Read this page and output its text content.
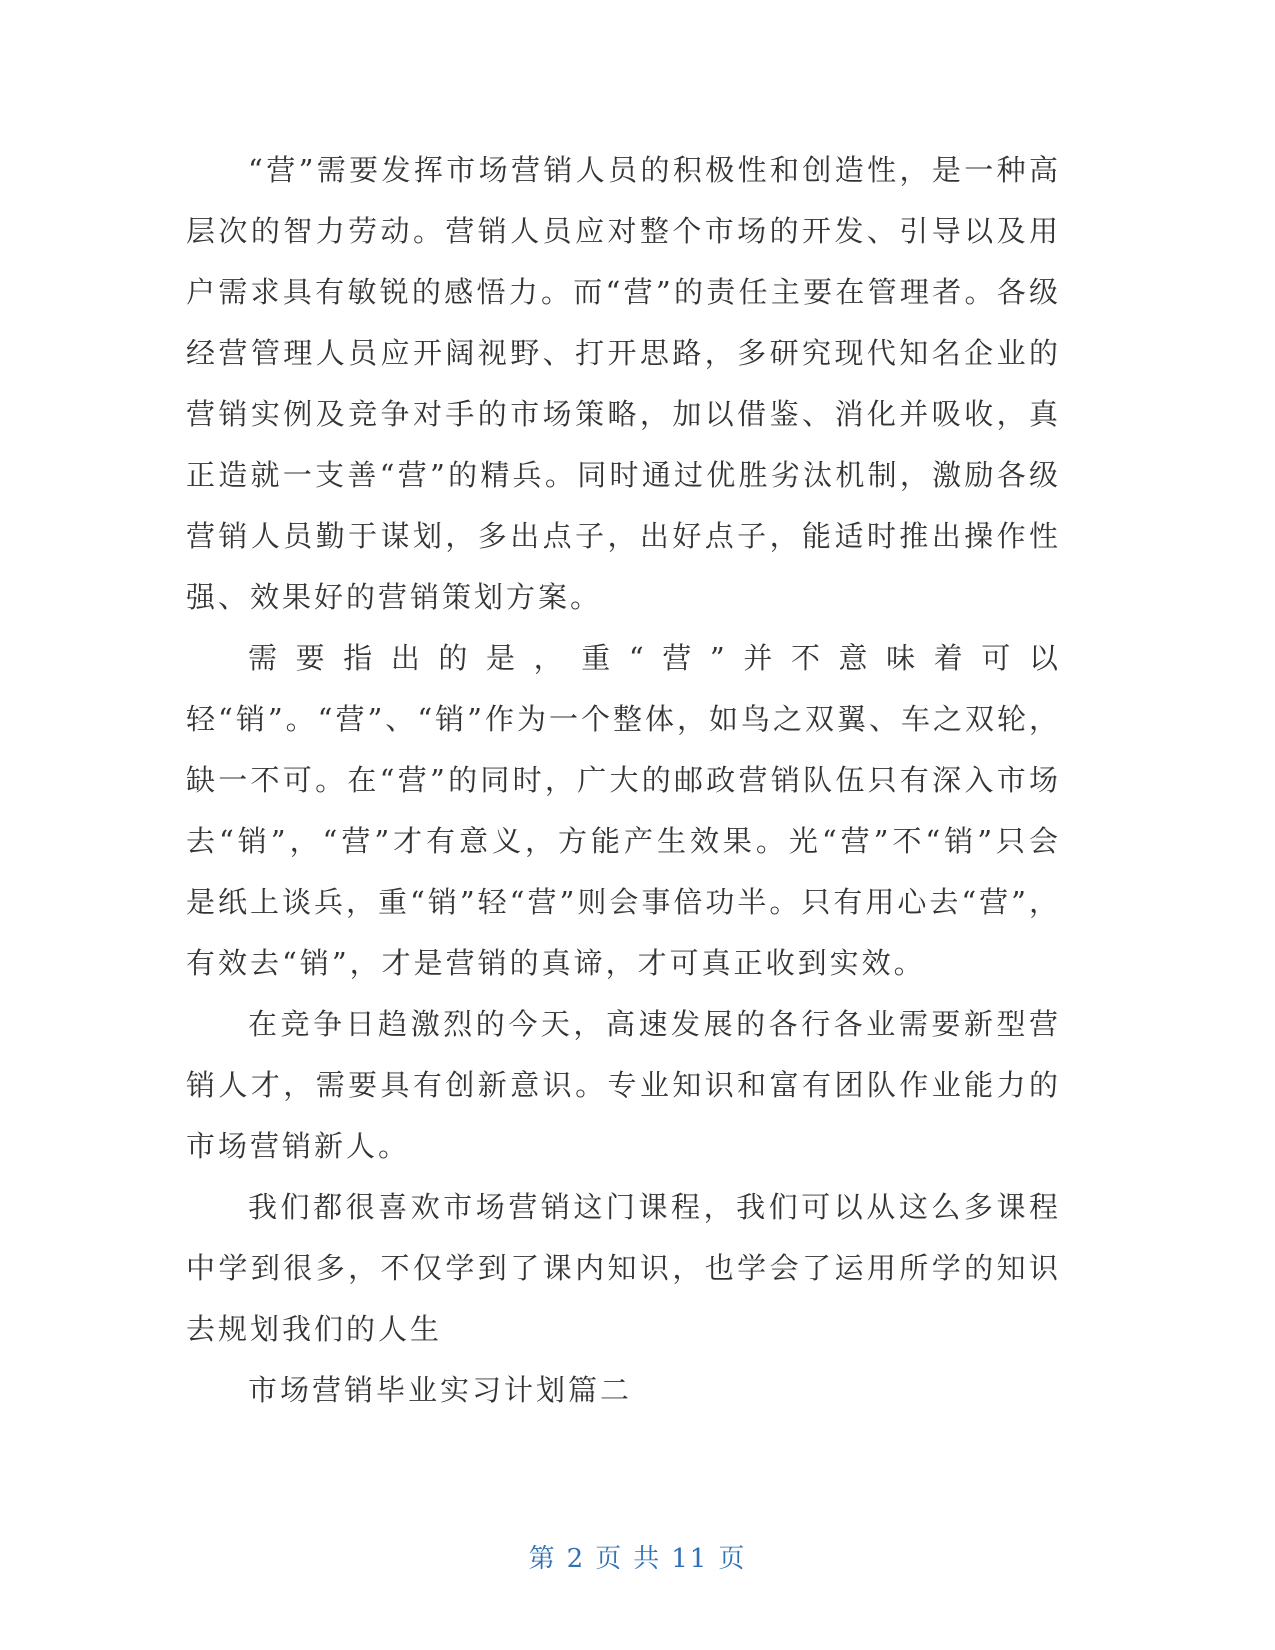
“营”需要发挥市场营销人员的积极性和创造性，是一种高层次的智力劳动。营销人员应对整个市场的开发、引导以及用户需求具有敏锐的感悟力。而“营”的责任主要在管理者。各级经营管理人员应开阔视野、打开思路，多研究现代知名企业的营销实例及竞争对手的市场策略，加以借鉴、消化并吸收，真正造就一支善“营”的精兵。同时通过优胜劣汰机制，激励各级营销人员勤于谋划，多出点子，出好点子，能适时推出操作性强、效果好的营销策划方案。

需要指出的是，重“营”并不意味着可以轻“销”。“营”、“销”作为一个整体，如鸟之双翼、车之双轮，缺一不可。在“营”的同时，广大的邮政营销队伍只有深入市场去“销”，“营”才有意义，方能产生效果。光“营”不“销”只会是纸上谈兵，重“销”轻“营”则会事倍功半。只有用心去“营”，有效去“销”，才是营销的真谛，才可真正收到实效。

在竞争日趋激烈的今天，高速发展的各行各业需要新型营销人才，需要具有创新意识。专业知识和富有团队作业能力的市场营销新人。

我们都很喜欢市场营销这门课程，我们可以从这么多课程中学到很多，不仅学到了课内知识，也学会了运用所学的知识去规划我们的人生

市场营销毕业实习计划篇二

第 2 页 共 11 页
